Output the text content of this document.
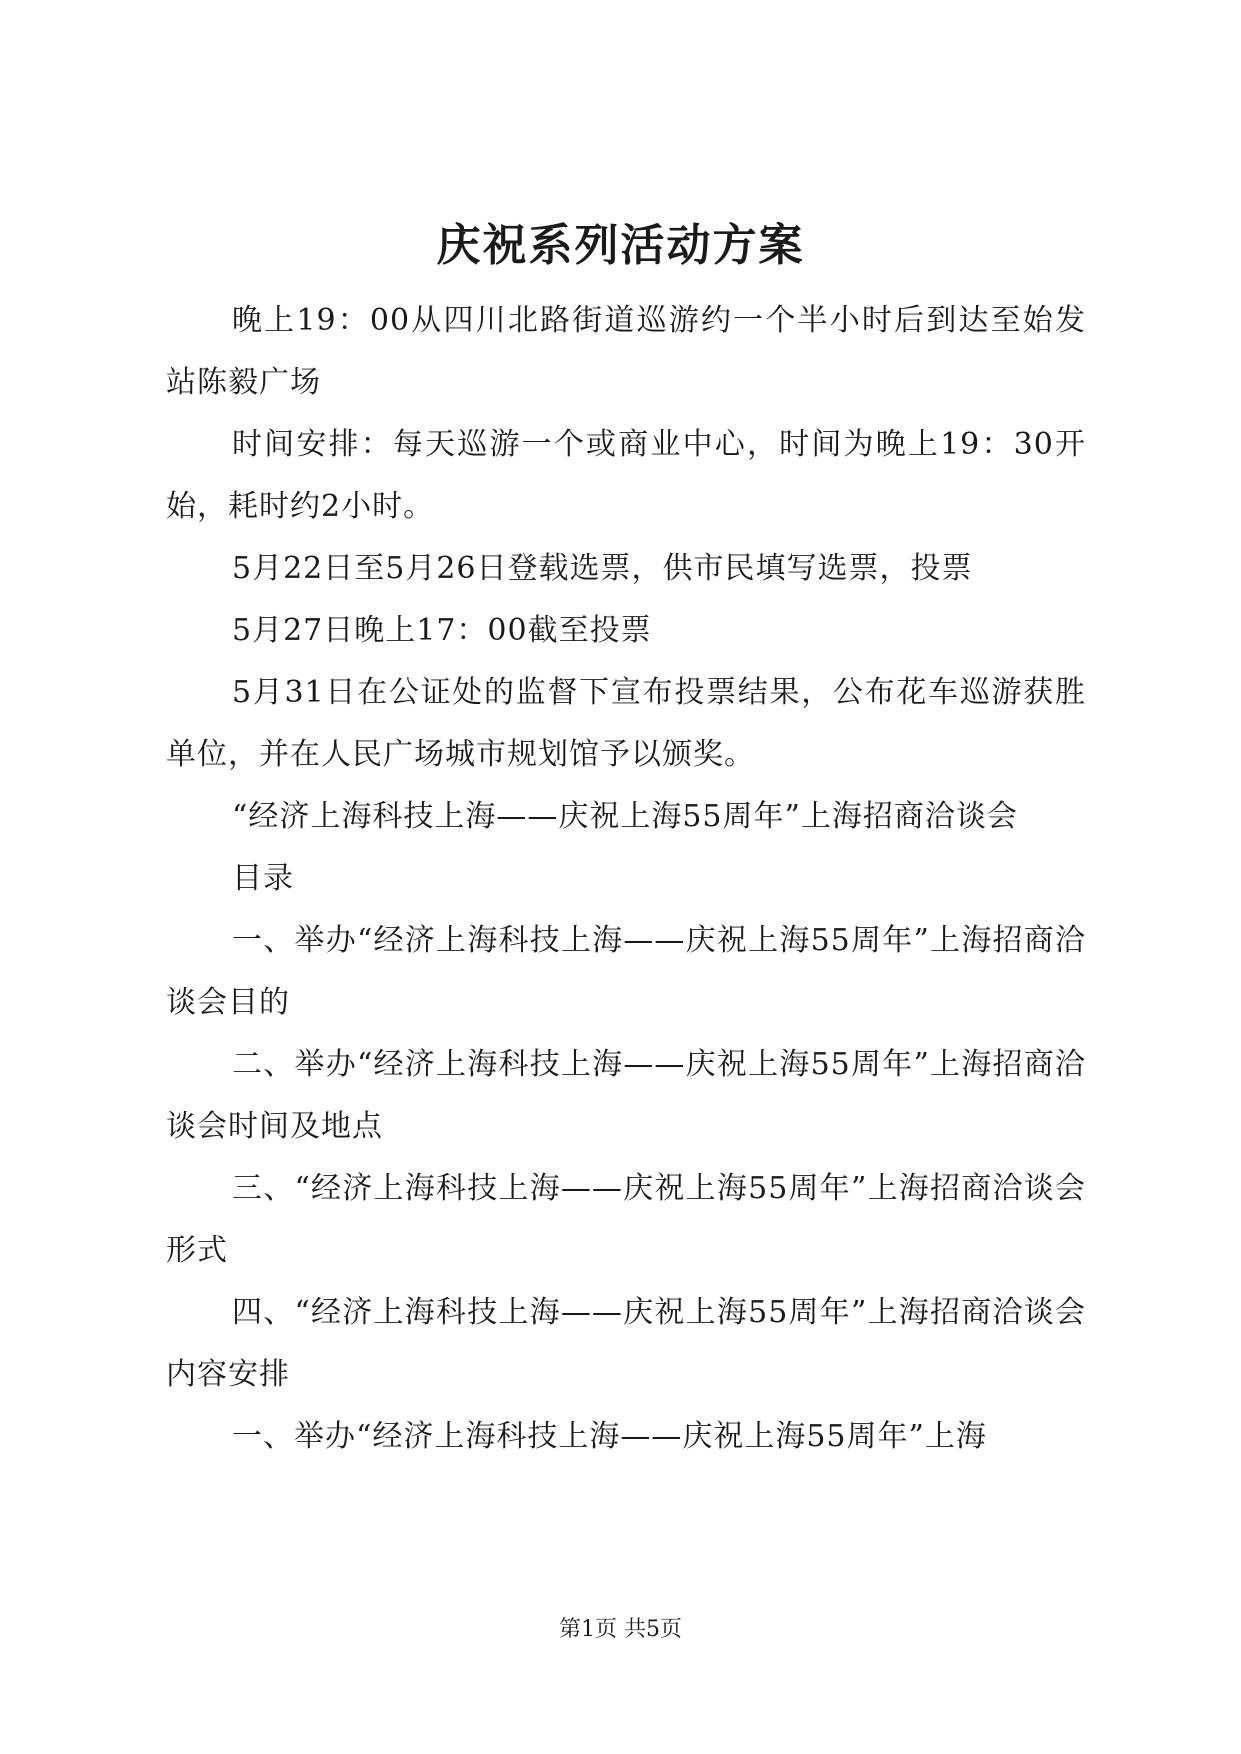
庆祝系列活动方案

晚上19：00从四川北路街道巡游约一个半小时后到达至始发站陈毅广场

时间安排：每天巡游一个或商业中心，时间为晚上19：30开始，耗时约2小时。

5月22日至5月26日登载选票，供市民填写选票，投票

5月27日晚上17：00截至投票

5月31日在公证处的监督下宣布投票结果，公布花车巡游获胜单位，并在人民广场城市规划馆予以颁奖。

“经济上海科技上海——庆祝上海55周年”上海招商洽谈会

目录

一、举办“经济上海科技上海——庆祝上海55周年”上海招商洽谈会目的

二、举办“经济上海科技上海——庆祝上海55周年”上海招商洽谈会时间及地点

三、“经济上海科技上海——庆祝上海55周年”上海招商洽谈会形式

四、“经济上海科技上海——庆祝上海55周年”上海招商洽谈会内容安排

一、举办“经济上海科技上海——庆祝上海55周年”上海

第1页 共5页
